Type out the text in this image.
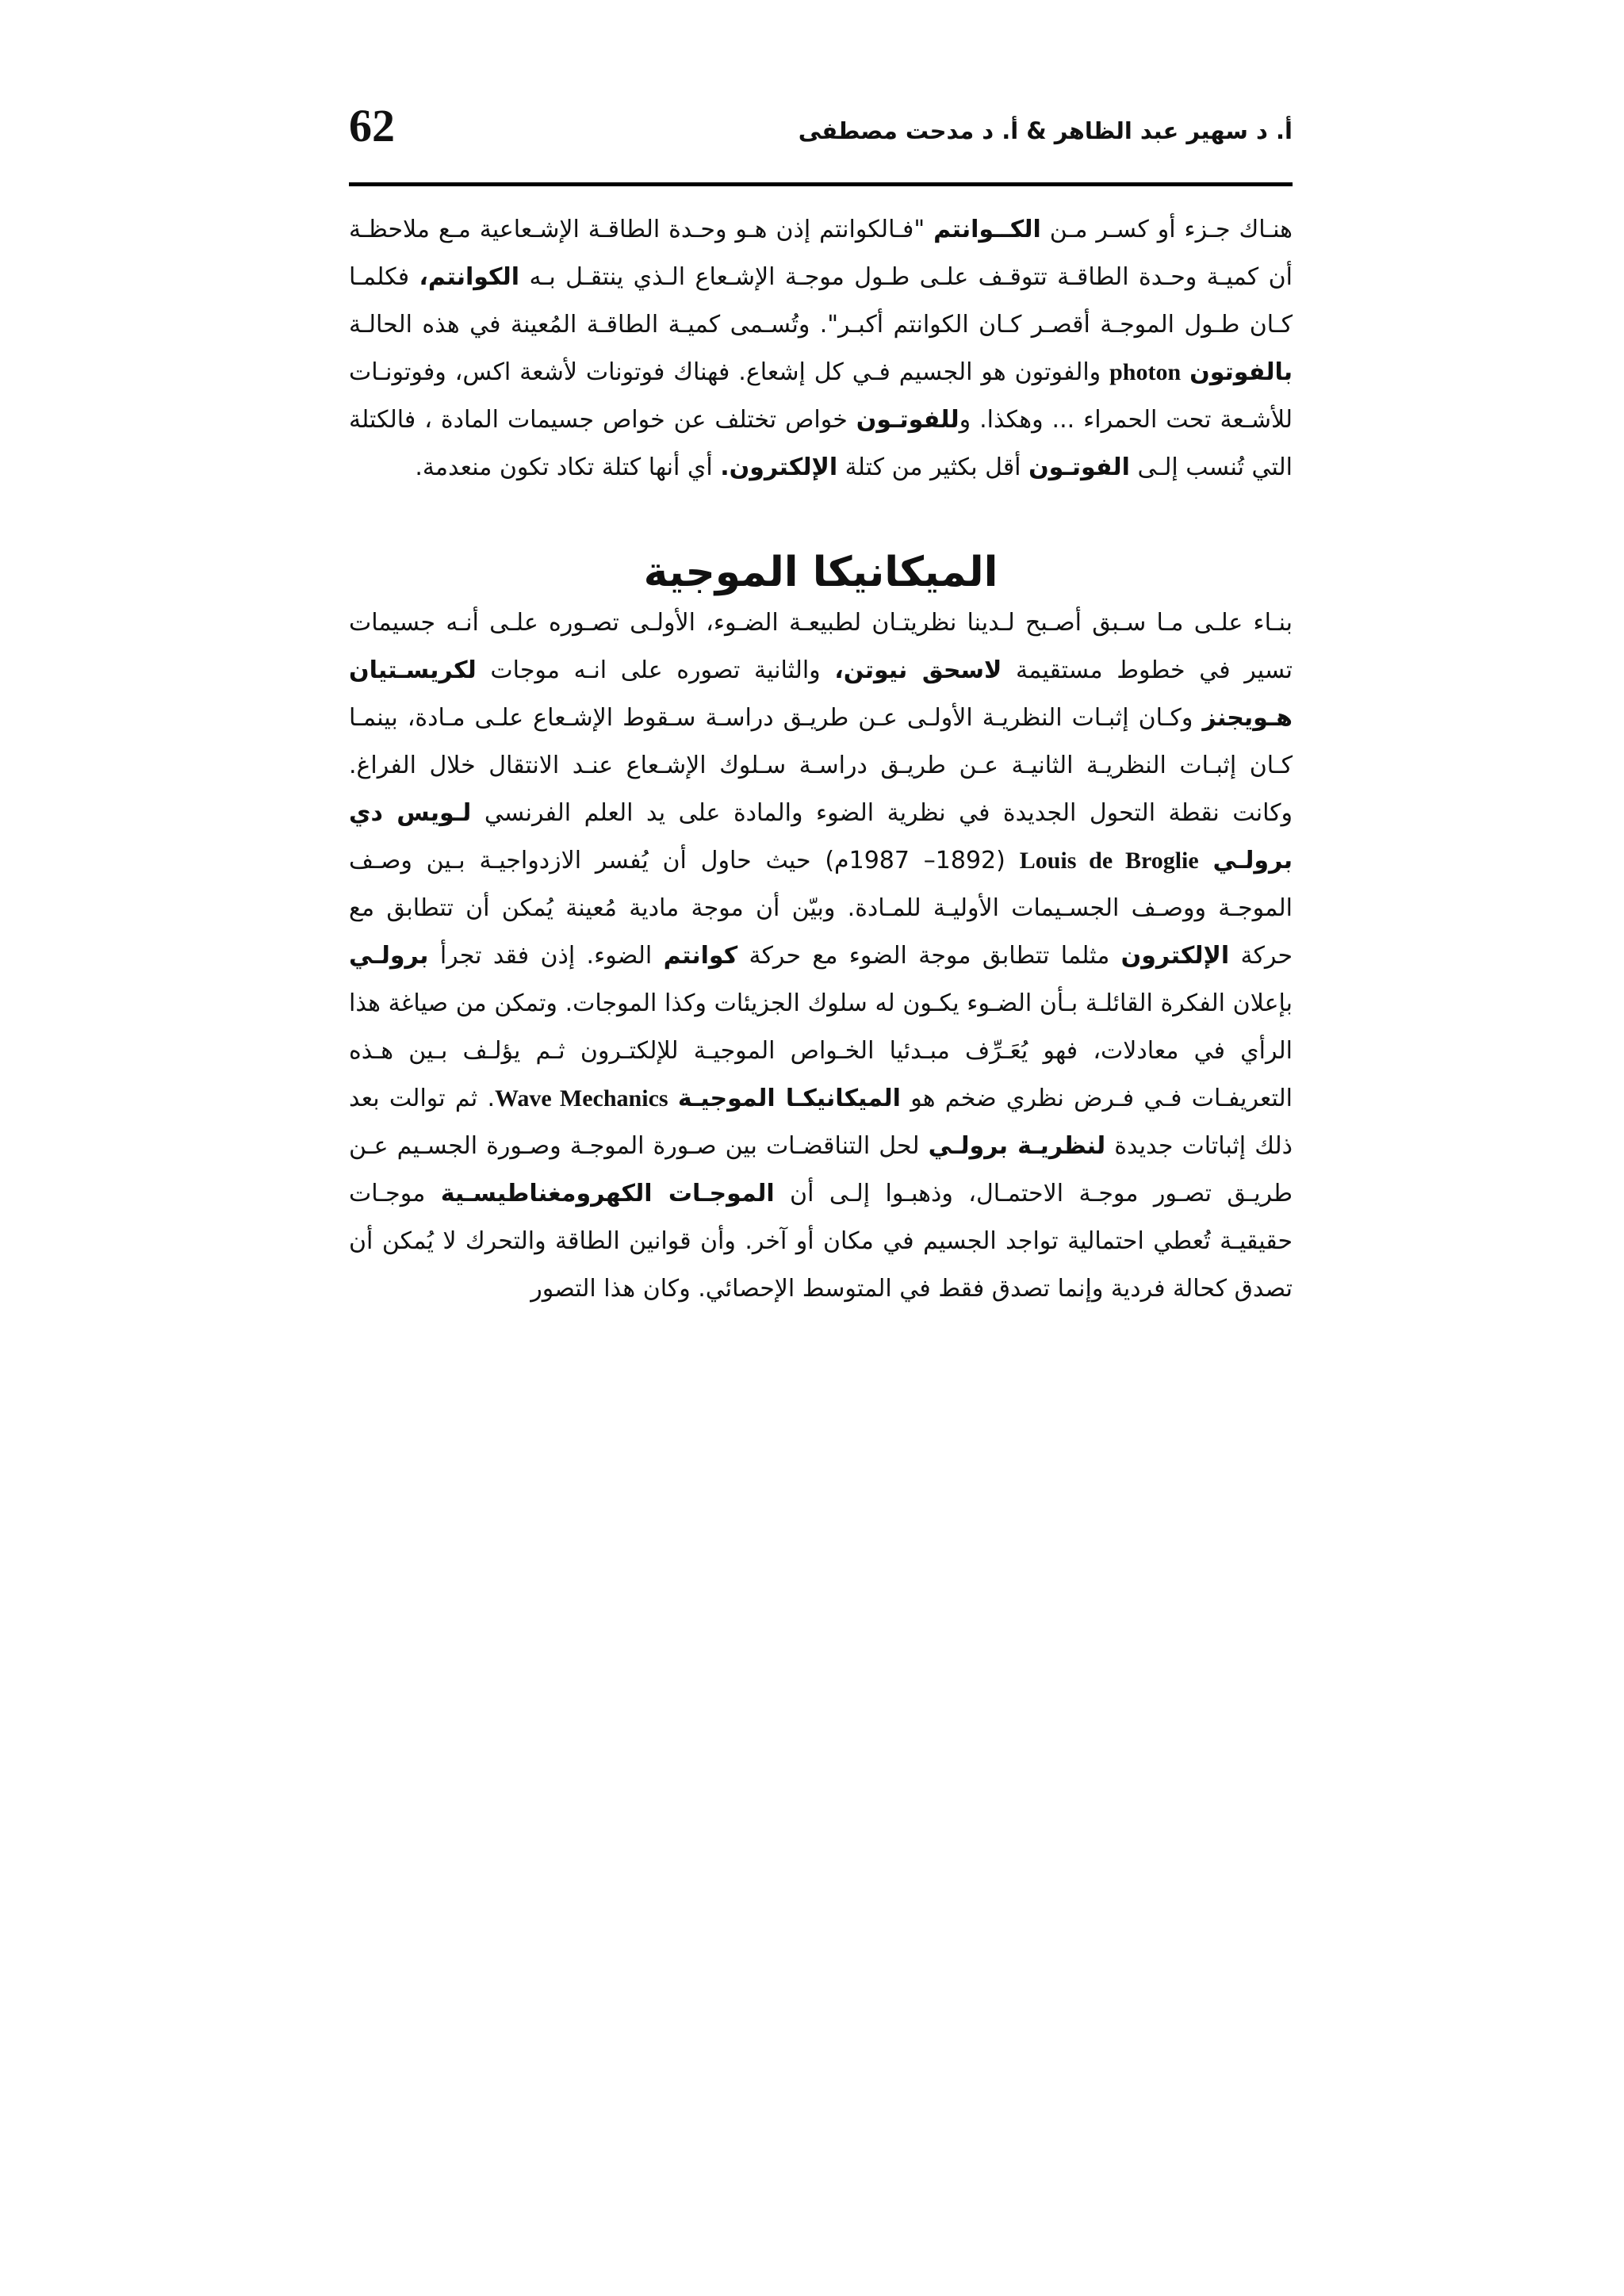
62	أ. د سهير عبد الظاهر & أ. د مدحت مصطفى

هنـاك جـزء أو كسـر مـن الكــوانتم "فـالكوانتم إذن هـو وحـدة الطاقـة الإشـعاعية مـع ملاحظـة أن كميـة وحـدة الطاقـة تتوقـف علـى طـول موجـة الإشـعاع الـذي ينتقـل بـه الكوانتم، فكلمـا كـان طـول الموجـة أقصـر كـان الكوانتم أكبـر". وتُسـمى كميـة الطاقـة المُعينة في هذه الحالـة بالفوتون photon والفوتون هو الجسيم فـي كل إشعاع. فهناك فوتونات لأشعة اكس، وفوتونـات للأشـعة تحت الحمراء ... وهكذا. وللفوتـون خواص تختلف عن خواص جسيمات المادة ، فالكتلة التي تُنسب إلـى الفوتـون أقل بكثير من كتلة الإلكترون. أي أنها كتلة تكاد تكون منعدمة.

الميكانيكا الموجية

بنـاء علـى مـا سـبق أصـبح لـدينا نظريتـان لطبيعـة الضـوء، الأولـى تصـوره علـى أنـه جسيمات تسير في خطوط مستقيمة لاسحق نيوتن، والثانية تصوره على انـه موجات لكريسـتيان هـويجنز وكـان إثبـات النظريـة الأولـى عـن طريـق دراسـة سـقوط الإشـعاع علـى مـادة، بينمـا كـان إثبـات النظريـة الثانيـة عـن طريـق دراسـة سـلوك الإشـعاع عنـد الانتقال خلال الفراغ. وكانت نقطة التحول الجديدة في نظرية الضوء والمادة على يد العلم الفرنسي لـويس دي برولـي Louis de Broglie (1892– 1987م) حيث حاول أن يُفسر الازدواجيـة بـين وصـف الموجـة ووصـف الجسـيمات الأوليـة للمـادة. وبيّن أن موجة مادية مُعينة يُمكن أن تتطابق مع حركة الإلكترون مثلما تتطابق موجة الضوء مع حركة كوانتم الضوء. إذن فقد تجرأ برولـي بإعلان الفكرة القائلـة بـأن الضـوء يكـون له سلوك الجزيئات وكذا الموجات. وتمكن من صياغة هذا الرأي في معادلات، فهو يُعَـرِّف مبـدئيا الخـواص الموجيـة للإلكتـرون ثـم يؤلـف بـين هـذه التعريفـات فـي فـرض نظري ضخم هو الميكانيكـا الموجيـة Wave Mechanics. ثم توالت بعد ذلك إثباتات جديدة لنظريـة برولـي لحل التناقضـات بين صـورة الموجـة وصـورة الجسـيم عـن طريـق تصـور موجـة الاحتمـال، وذهبـوا إلـى أن الموجـات الكهرومغناطيسـية موجـات حقيقيـة تُعطي احتمالية تواجد الجسيم في مكان أو آخر. وأن قوانين الطاقة والتحرك لا يُمكن أن تصدق كحالة فردية وإنما تصدق فقط في المتوسط الإحصائي. وكان هذا التصور
